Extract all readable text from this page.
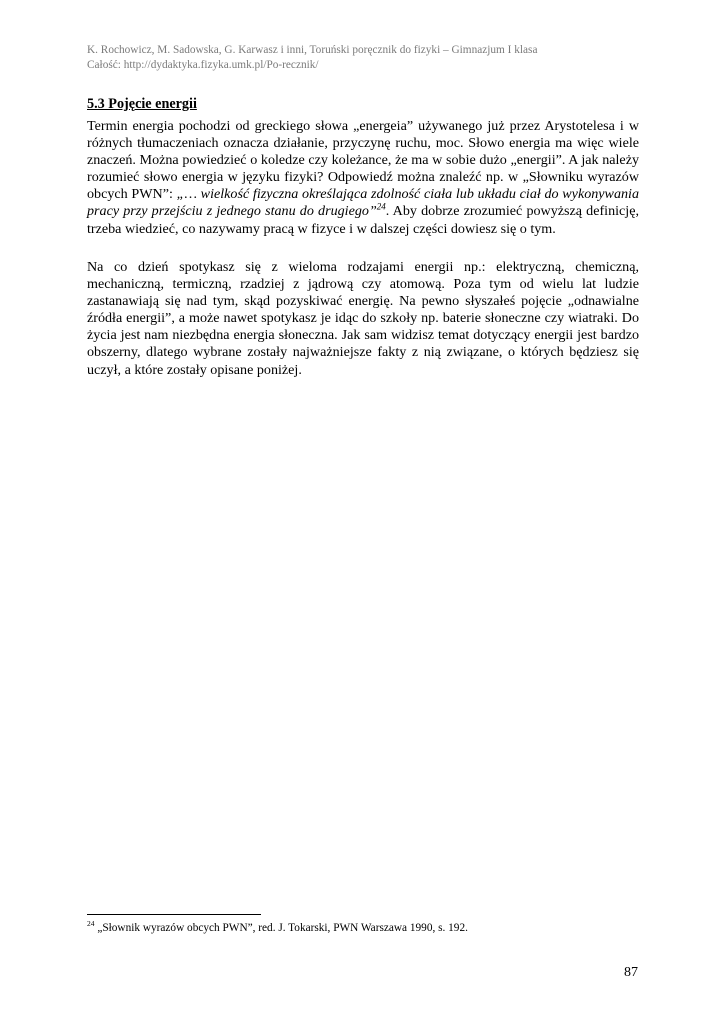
K. Rochowicz, M. Sadowska, G. Karwasz i inni, Toruński poręcznik do fizyki – Gimnazjum I klasa
Całość: http://dydaktyka.fizyka.umk.pl/Po-recznik/
5.3 Pojęcie energii

Termin energia pochodzi od greckiego słowa „energeia” używanego już przez Arystotelesa i w różnych tłumaczeniach oznacza działanie, przyczynę ruchu, moc. Słowo energia ma więc wiele znaczeń. Można powiedzieć o koledze czy koleżance, że ma w sobie dużo „energii”. A jak należy rozumieć słowo energia w języku fizyki? Odpowiedź można znaleźć np. w „Słowniku wyrazów obcych PWN”: „… wielkość fizyczna określająca zdolność ciała lub układu ciał do wykonywania pracy przy przejściu z jednego stanu do drugiego”$^{24}$. Aby dobrze zrozumieć powyższą definicję, trzeba wiedzieć, co nazywamy pracą w fizyce i w dalszej części dowiesz się o tym.

Na co dzień spotykasz się z wieloma rodzajami energii np.: elektryczną, chemiczną, mechaniczną, termiczną, rzadziej z jądrową czy atomową. Poza tym od wielu lat ludzie zastanawiają się nad tym, skąd pozyskiwać energię. Na pewno słyszałeś pojęcie „odnawialne źródła energii”, a może nawet spotykasz je idąc do szkoły np. baterie słoneczne czy wiatraki. Do życia jest nam niezbędna energia słoneczna. Jak sam widzisz temat dotyczący energii jest bardzo obszerny, dlatego wybrane zostały najważniejsze fakty z nią związane, o których będziesz się uczył, a które zostały opisane poniżej.

$^{24}$ „Słownik wyrazów obcych PWN”, red. J. Tokarski, PWN Warszawa 1990, s. 192.
87
